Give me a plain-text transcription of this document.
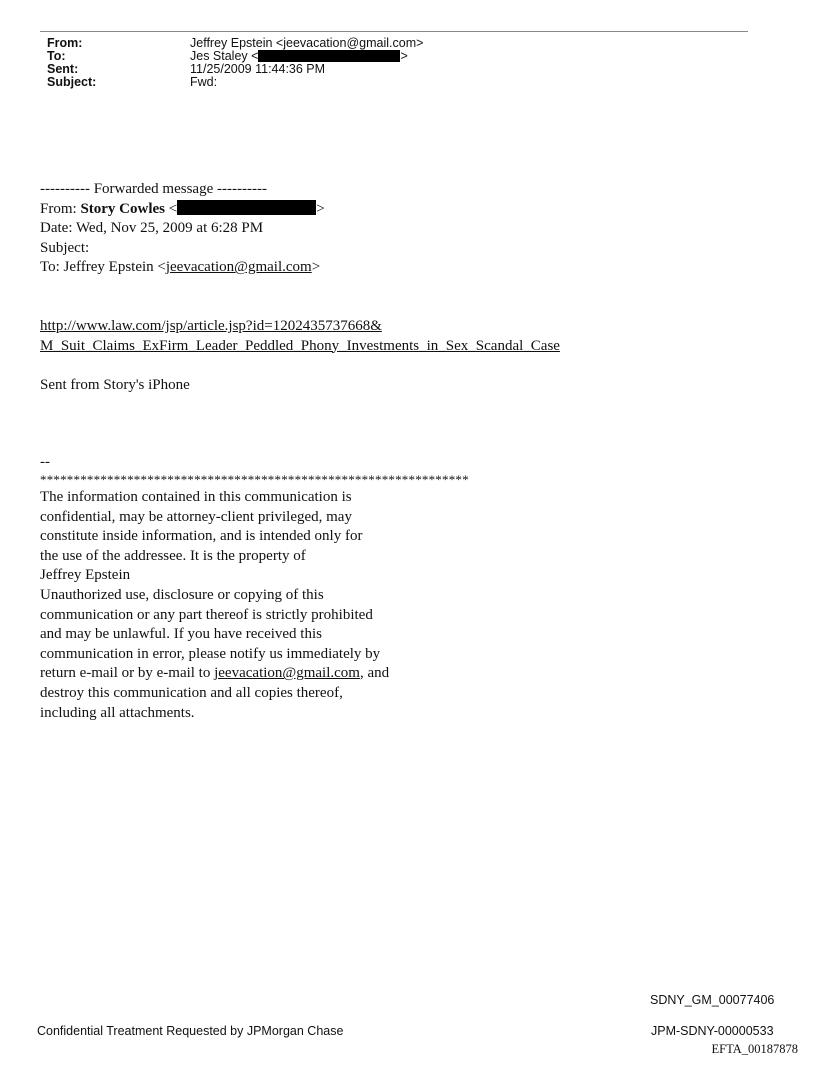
From:	Jeffrey Epstein <jeevacation@gmail.com>
To:	Jes Staley <	>
Sent:	11/25/2009 11:44:36 PM
Subject:	Fwd:
---------- Forwarded message ----------
From: Story Cowles <	>
Date: Wed, Nov 25, 2009 at 6:28 PM
Subject:
To: Jeffrey Epstein <jeevacation@gmail.com>
http://www.law.com/jsp/article.jsp?id=1202435737668&
M_Suit_Claims_ExFirm_Leader_Peddled_Phony_Investments_in_Sex_Scandal_Case
Sent from Story's iPhone
--
****************************************************************
The information contained in this communication is
confidential, may be attorney-client privileged, may
constitute inside information, and is intended only for
the use of the addressee. It is the property of
Jeffrey Epstein
Unauthorized use, disclosure or copying of this
communication or any part thereof is strictly prohibited
and may be unlawful. If you have received this
communication in error, please notify us immediately by
return e-mail or by e-mail to jeevacation@gmail.com, and
destroy this communication and all copies thereof,
including all attachments.
SDNY_GM_00077406
Confidential Treatment Requested by JPMorgan Chase	JPM-SDNY-00000533
EFTA_00187878
